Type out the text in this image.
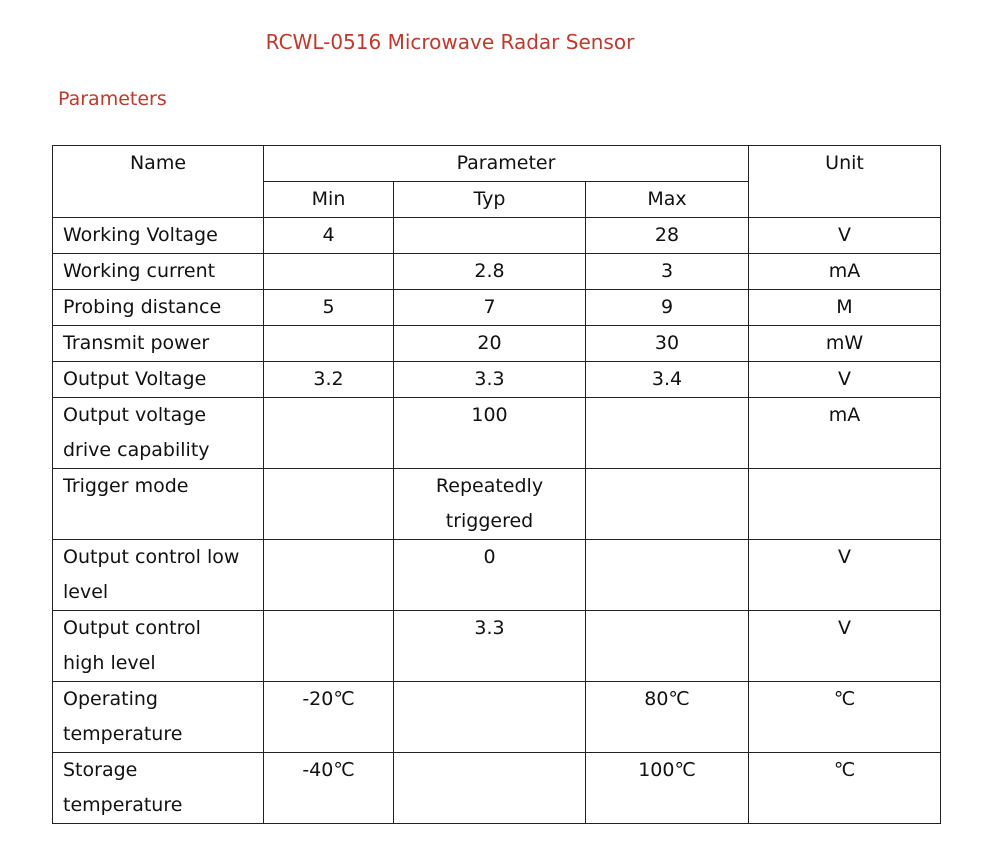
RCWL-0516 Microwave Radar Sensor
Parameters
Name	Parameter			Unit
	Min	Typ	Max	

Working Voltage	4		28	V

Working current		2.8	3	mA

Probing distance	5	7	9	M

Transmit power		20	30	mW

Output Voltage	3.2	3.3	3.4	V

Output voltage
drive capability		100		mA

Trigger mode		Repeatedly
triggered		

Output control low
level		0		V

Output control
high level		3.3		V

Operating
temperature	-20℃		80℃	℃

Storage
temperature	-40℃		100℃	℃
